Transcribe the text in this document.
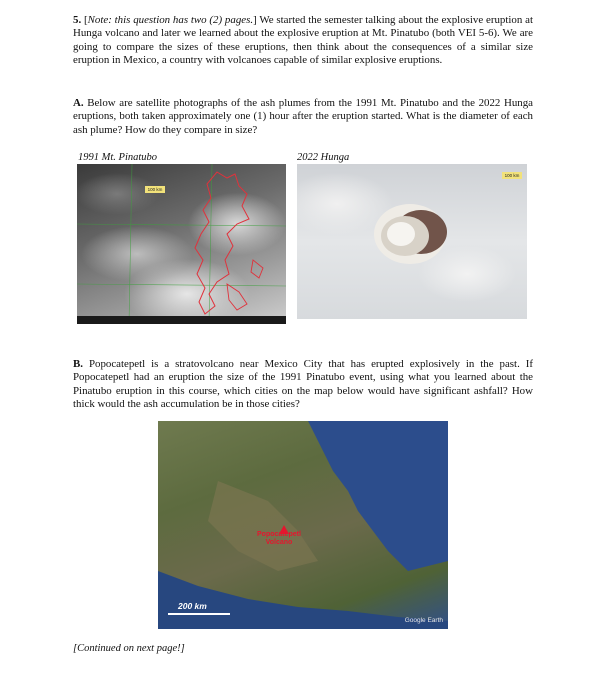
5. [Note: this question has two (2) pages.] We started the semester talking about the explosive eruption at Hunga volcano and later we learned about the explosive eruption at Mt. Pinatubo (both VEI 5-6). We are going to compare the sizes of these eruptions, then think about the consequences of a similar size eruption in Mexico, a country with volcanoes capable of similar explosive eruptions.
A. Below are satellite photographs of the ash plumes from the 1991 Mt. Pinatubo and the 2022 Hunga eruptions, both taken approximately one (1) hour after the eruption started. What is the diameter of each ash plume? How do they compare in size?
1991 Mt. Pinatubo	2022 Hunga
100 km
100 km
B. Popocatepetl is a stratovolcano near Mexico City that has erupted explosively in the past. If Popocatepetl had an eruption the size of the 1991 Pinatubo event, using what you learned about the Pinatubo eruption in this course, which cities on the map below would have significant ashfall? How thick would the ash accumulation be in those cities?
Popocatepetl
Volcano
200 km
Google Earth
[Continued on next page!]
